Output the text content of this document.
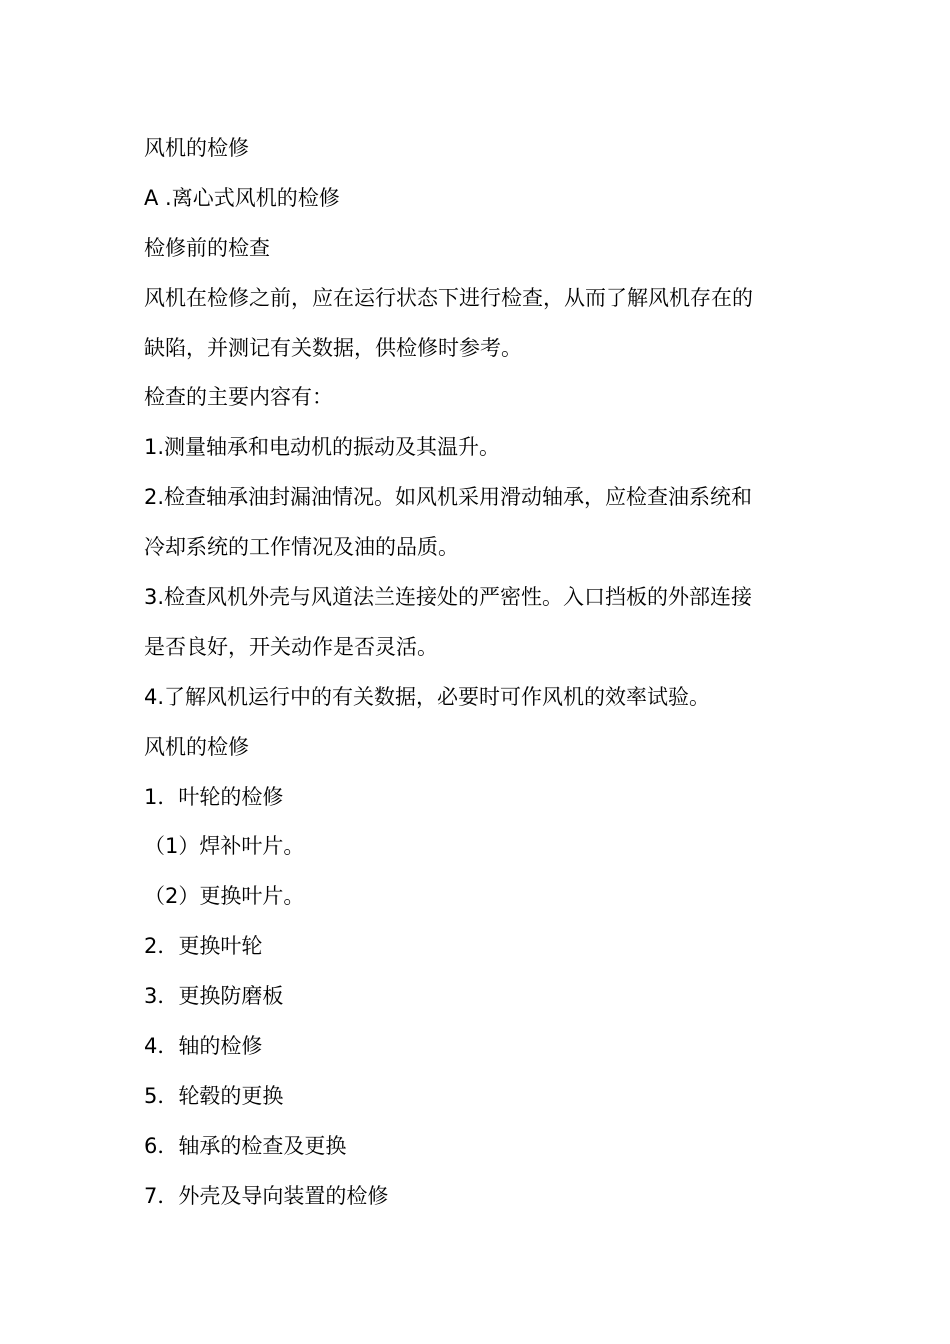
风机的检修
A .离心式风机的检修
检修前的检查
风机在检修之前，应在运行状态下进行检查，从而了解风机存在的
缺陷，并测记有关数据，供检修时参考。
检查的主要内容有：
1.测量轴承和电动机的振动及其温升。
2.检查轴承油封漏油情况。如风机采用滑动轴承，应检查油系统和
冷却系统的工作情况及油的品质。
3.检查风机外壳与风道法兰连接处的严密性。入口挡板的外部连接
是否良好，开关动作是否灵活。
4.了解风机运行中的有关数据，必要时可作风机的效率试验。
风机的检修
1．叶轮的检修
（1）焊补叶片。
（2）更换叶片。
2．更换叶轮
3．更换防磨板
4．轴的检修
5．轮毂的更换
6．轴承的检查及更换
7．外壳及导向装置的检修
